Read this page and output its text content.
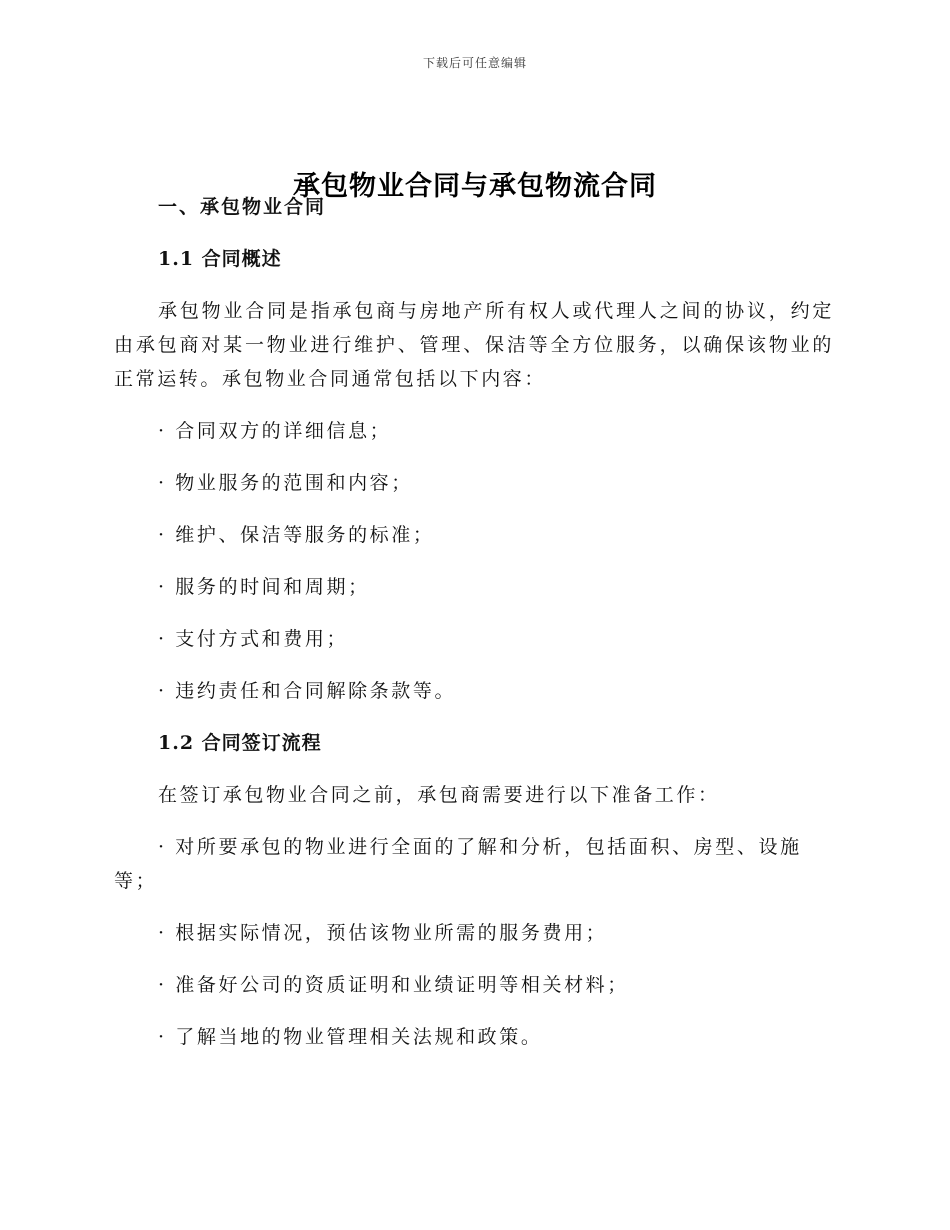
下载后可任意编辑
承包物业合同与承包物流合同
一、承包物业合同
1.1 合同概述

承包物业合同是指承包商与房地产所有权人或代理人之间的协议，约定由承包商对某一物业进行维护、管理、保洁等全方位服务，以确保该物业的正常运转。承包物业合同通常包括以下内容：

· 合同双方的详细信息；
· 物业服务的范围和内容；
· 维护、保洁等服务的标准；
· 服务的时间和周期；
· 支付方式和费用；
· 违约责任和合同解除条款等。
1.2 合同签订流程

在签订承包物业合同之前，承包商需要进行以下准备工作：

· 对所要承包的物业进行全面的了解和分析，包括面积、房型、设施等；
· 根据实际情况，预估该物业所需的服务费用；
· 准备好公司的资质证明和业绩证明等相关材料；
· 了解当地的物业管理相关法规和政策。
